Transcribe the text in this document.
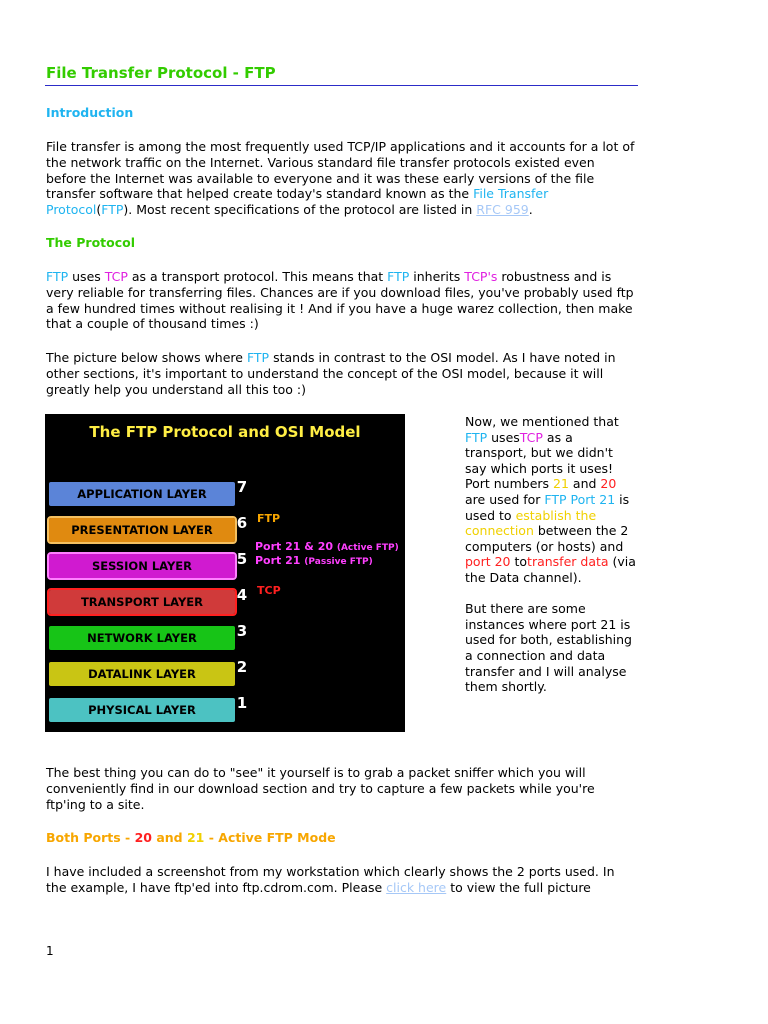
File Transfer Protocol - FTP
Introduction
File transfer is among the most frequently used TCP/IP applications and it accounts for a lot of the network traffic on the Internet. Various standard file transfer protocols existed even before the Internet was available to everyone and it was these early versions of the file transfer software that helped create today's standard known as the File Transfer Protocol(FTP). Most recent specifications of the protocol are listed in RFC 959.
The Protocol
FTP uses TCP as a transport protocol. This means that FTP inherits TCP's robustness and is very reliable for transferring files. Chances are if you download files, you've probably used ftp a few hundred times without realising it ! And if you have a huge warez collection, then make that a couple of thousand times :)
The picture below shows where FTP stands in contrast to the OSI model. As I have noted in other sections, it's important to understand the concept of the OSI model, because it will greatly help you understand all this too :)
The FTP Protocol and OSI Model
APPLICATION LAYER	7
PRESENTATION LAYER	6
SESSION LAYER	5
TRANSPORT LAYER	4
NETWORK LAYER	3
DATALINK LAYER	2
PHYSICAL LAYER	1
FTP
Port 21 & 20 (Active FTP)
Port 21 (Passive FTP)
TCP
Now, we mentioned that FTP usesTCP as a transport, but we didn't say which ports it uses! Port numbers 21 and 20 are used for FTP Port 21 is used to establish the connection between the 2 computers (or hosts) and port 20 totransfer data (via the Data channel).

But there are some instances where port 21 is used for both, establishing a connection and data transfer and I will analyse them shortly.
The best thing you can do to "see" it yourself is to grab a packet sniffer which you will conveniently find in our download section and try to capture a few packets while you're ftp'ing to a site.
Both Ports - 20 and 21 - Active FTP Mode
I have included a screenshot from my workstation which clearly shows the 2 ports used. In the example, I have ftp'ed into ftp.cdrom.com. Please click here to view the full picture
1
